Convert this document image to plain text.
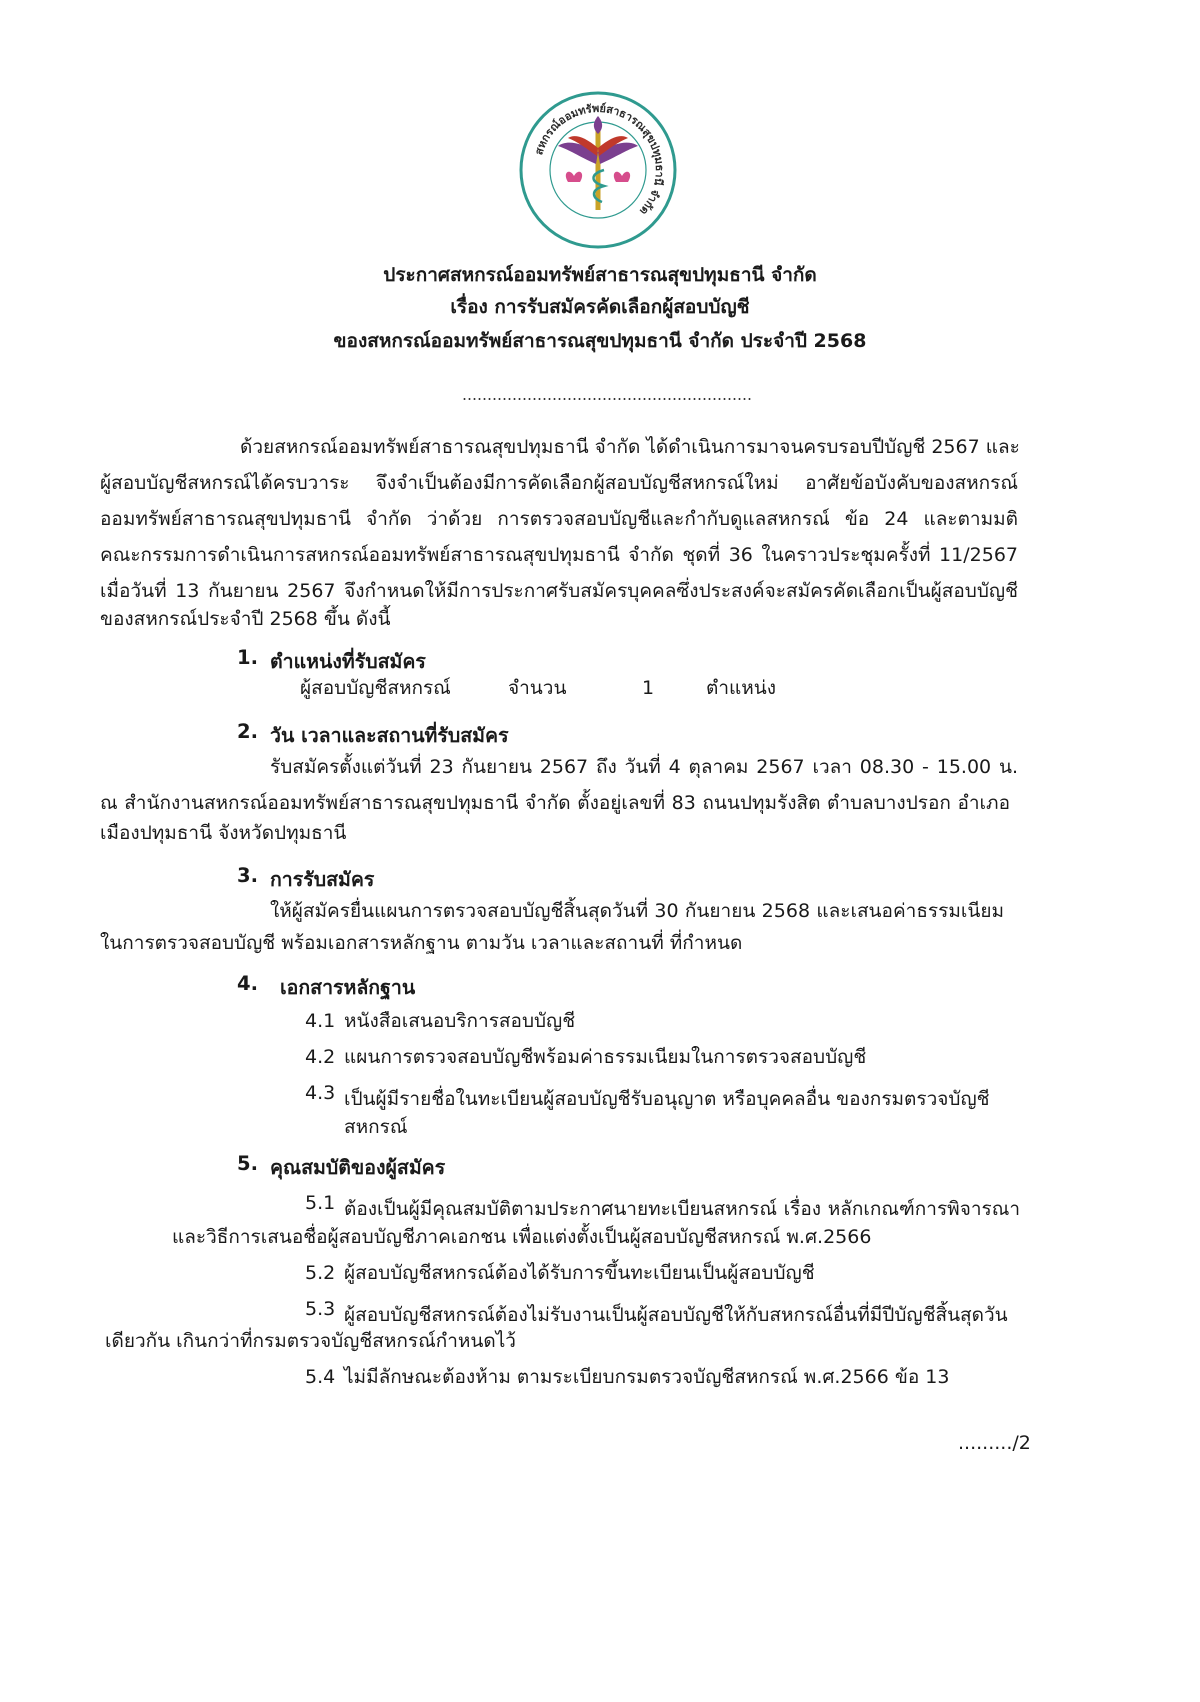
สหกรณ์ออมทรัพย์สาธารณสุขปทุมธานี จำกัด
ประกาศสหกรณ์ออมทรัพย์สาธารณสุขปทุมธานี จำกัด
เรื่อง การรับสมัครคัดเลือกผู้สอบบัญชี
ของสหกรณ์ออมทรัพย์สาธารณสุขปทุมธานี จำกัด ประจำปี 2568
ด้วยสหกรณ์ออมทรัพย์สาธารณสุขปทุมธานี จำกัด ได้ดำเนินการมาจนครบรอบปีบัญชี 2567 และ
ผู้สอบบัญชีสหกรณ์ได้ครบวาระ จึงจำเป็นต้องมีการคัดเลือกผู้สอบบัญชีสหกรณ์ใหม่ อาศัยข้อบังคับของสหกรณ์
ออมทรัพย์สาธารณสุขปทุมธานี จำกัด ว่าด้วย การตรวจสอบบัญชีและกำกับดูแลสหกรณ์ ข้อ 24 และตามมติ
คณะกรรมการดำเนินการสหกรณ์ออมทรัพย์สาธารณสุขปทุมธานี จำกัด ชุดที่ 36 ในคราวประชุมครั้งที่ 11/2567
เมื่อวันที่ 13 กันยายน 2567 จึงกำหนดให้มีการประกาศรับสมัครบุคคลซึ่งประสงค์จะสมัครคัดเลือกเป็นผู้สอบบัญชี
ของสหกรณ์ประจำปี 2568 ขึ้น ดังนี้
1. ตำแหน่งที่รับสมัคร
ผู้สอบบัญชีสหกรณ์	จำนวน	1	ตำแหน่ง
2. วัน เวลาและสถานที่รับสมัคร
รับสมัครตั้งแต่วันที่ 23 กันยายน 2567 ถึง วันที่ 4 ตุลาคม 2567 เวลา 08.30 - 15.00 น.
ณ สำนักงานสหกรณ์ออมทรัพย์สาธารณสุขปทุมธานี จำกัด ตั้งอยู่เลขที่ 83 ถนนปทุมรังสิต ตำบลบางปรอก อำเภอ
เมืองปทุมธานี จังหวัดปทุมธานี
3. การรับสมัคร
ให้ผู้สมัครยื่นแผนการตรวจสอบบัญชีสิ้นสุดวันที่ 30 กันยายน 2568 และเสนอค่าธรรมเนียม
ในการตรวจสอบบัญชี พร้อมเอกสารหลักฐาน ตามวัน เวลาและสถานที่ ที่กำหนด
4. เอกสารหลักฐาน
4.1 หนังสือเสนอบริการสอบบัญชี
4.2 แผนการตรวจสอบบัญชีพร้อมค่าธรรมเนียมในการตรวจสอบบัญชี
4.3 เป็นผู้มีรายชื่อในทะเบียนผู้สอบบัญชีรับอนุญาต หรือบุคคลอื่น ของกรมตรวจบัญชี
สหกรณ์
5. คุณสมบัติของผู้สมัคร
5.1 ต้องเป็นผู้มีคุณสมบัติตามประกาศนายทะเบียนสหกรณ์ เรื่อง หลักเกณฑ์การพิจารณา
และวิธีการเสนอชื่อผู้สอบบัญชีภาคเอกชน เพื่อแต่งตั้งเป็นผู้สอบบัญชีสหกรณ์ พ.ศ.2566
5.2 ผู้สอบบัญชีสหกรณ์ต้องได้รับการขึ้นทะเบียนเป็นผู้สอบบัญชี
5.3 ผู้สอบบัญชีสหกรณ์ต้องไม่รับงานเป็นผู้สอบบัญชีให้กับสหกรณ์อื่นที่มีปีบัญชีสิ้นสุดวัน
เดียวกัน เกินกว่าที่กรมตรวจบัญชีสหกรณ์กำหนดไว้
5.4 ไม่มีลักษณะต้องห้าม ตามระเบียบกรมตรวจบัญชีสหกรณ์ พ.ศ.2566 ข้อ 13
........./2
